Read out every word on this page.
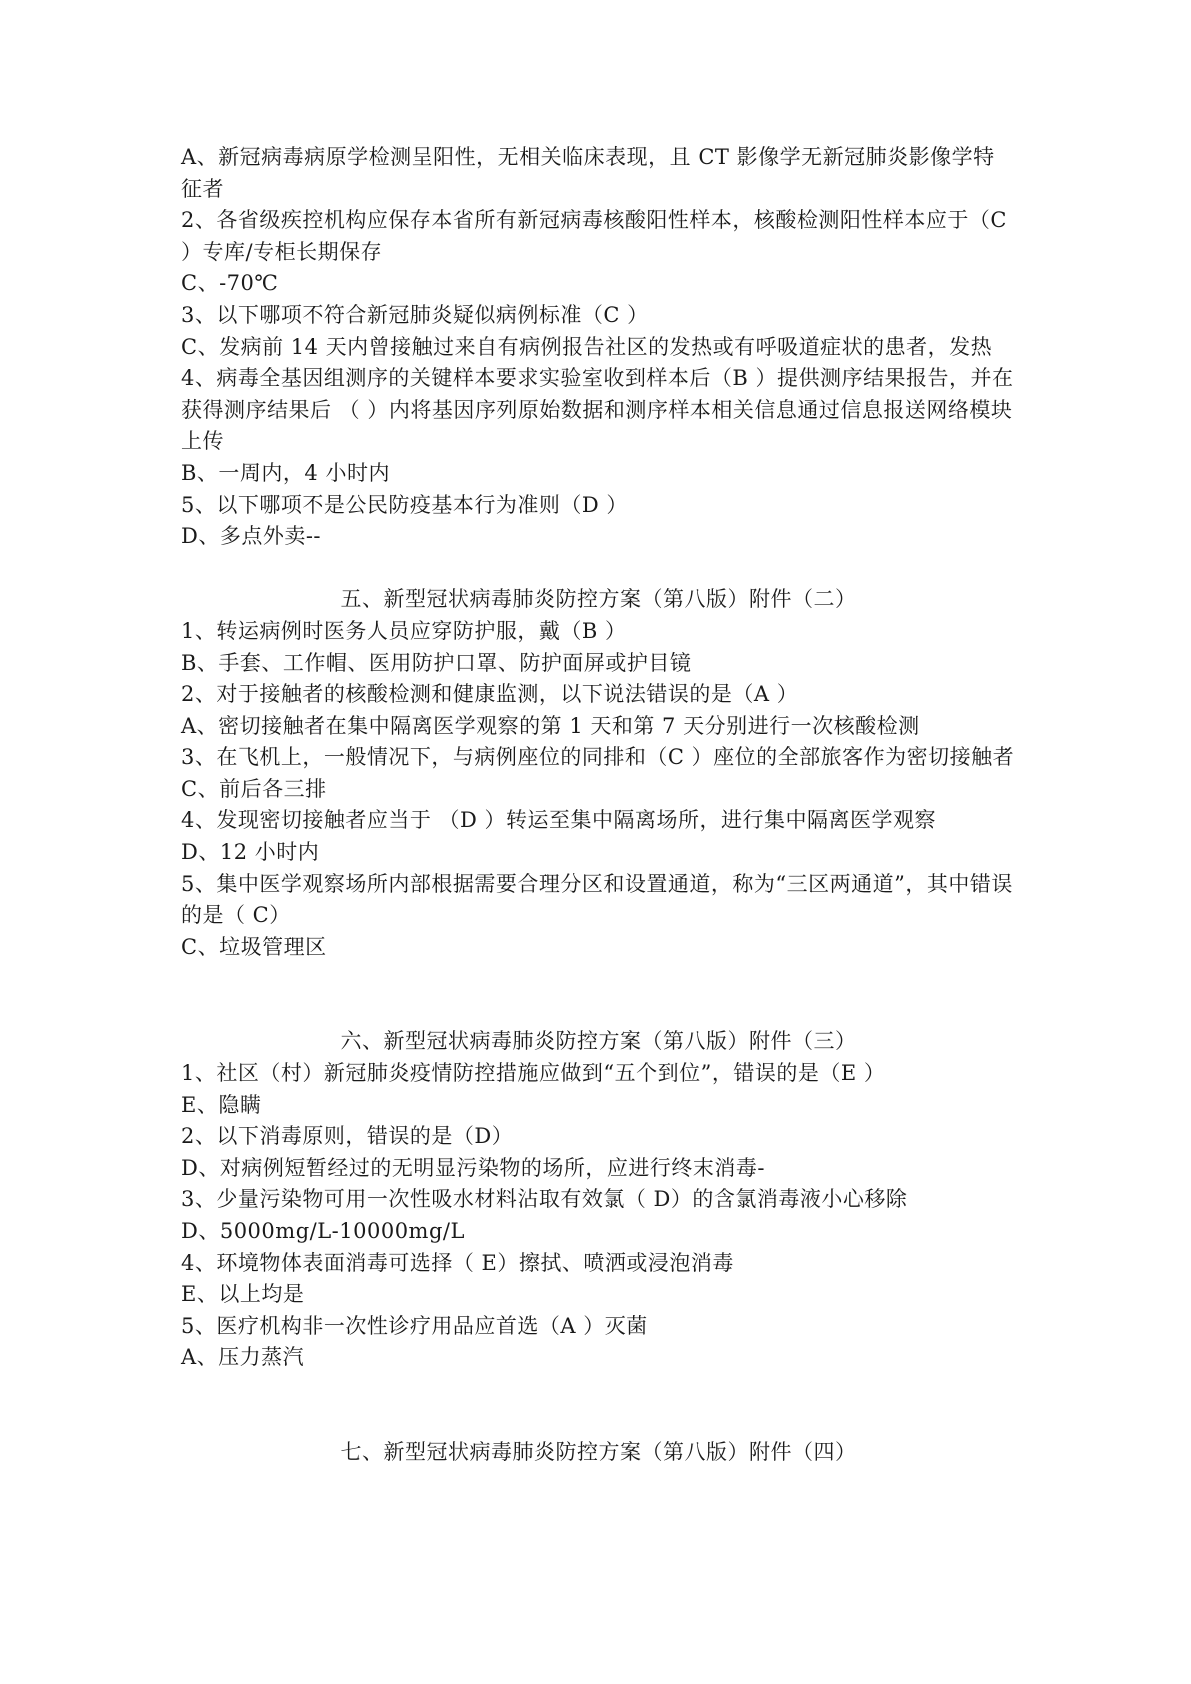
A、新冠病毒病原学检测呈阳性，无相关临床表现，且 CT 影像学无新冠肺炎影像学特征者
2、各省级疾控机构应保存本省所有新冠病毒核酸阳性样本，核酸检测阳性样本应于（C ）专库/专柜长期保存
C、-70℃
3、以下哪项不符合新冠肺炎疑似病例标准（C ）
C、发病前 14 天内曾接触过来自有病例报告社区的发热或有呼吸道症状的患者，发热
4、病毒全基因组测序的关键样本要求实验室收到样本后（B ）提供测序结果报告，并在获得测序结果后 （ ）内将基因序列原始数据和测序样本相关信息通过信息报送网络模块上传
B、一周内，4 小时内
5、以下哪项不是公民防疫基本行为准则（D ）
D、多点外卖--
五、新型冠状病毒肺炎防控方案（第八版）附件（二）
1、转运病例时医务人员应穿防护服，戴（B ）
B、手套、工作帽、医用防护口罩、防护面屏或护目镜
2、对于接触者的核酸检测和健康监测，以下说法错误的是（A ）
A、密切接触者在集中隔离医学观察的第 1 天和第 7 天分别进行一次核酸检测
3、在飞机上，一般情况下，与病例座位的同排和（C ）座位的全部旅客作为密切接触者
C、前后各三排
4、发现密切接触者应当于 （D ）转运至集中隔离场所，进行集中隔离医学观察
D、12 小时内
5、集中医学观察场所内部根据需要合理分区和设置通道，称为“三区两通道”，其中错误的是（ C）
C、垃圾管理区
六、新型冠状病毒肺炎防控方案（第八版）附件（三）
1、社区（村）新冠肺炎疫情防控措施应做到“五个到位”，错误的是（E ）
E、隐瞒
2、以下消毒原则，错误的是（D）
D、对病例短暂经过的无明显污染物的场所，应进行终末消毒-
3、少量污染物可用一次性吸水材料沾取有效氯（ D）的含氯消毒液小心移除
D、5000mg/L-10000mg/L
4、环境物体表面消毒可选择（ E）擦拭、喷洒或浸泡消毒
E、以上均是
5、医疗机构非一次性诊疗用品应首选（A ）灭菌
A、压力蒸汽
七、新型冠状病毒肺炎防控方案（第八版）附件（四）
